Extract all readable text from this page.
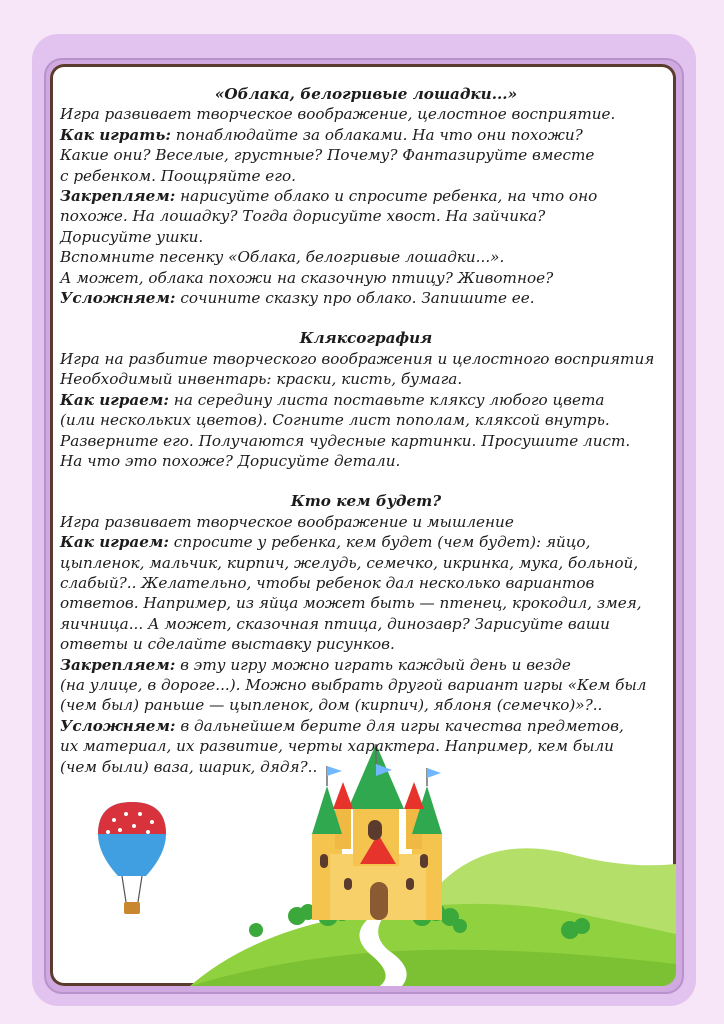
«Облака, белогривые лошадки...»
Игра развивает творческое воображение, целостное восприятие.
Как играть: понаблюдайте за облаками. На что они похожи?
Какие они? Веселые, грустные? Почему? Фантазируйте вместе
с ребенком. Поощряйте его.
Закрепляем: нарисуйте облако и спросите ребенка, на что оно
похоже. На лошадку? Тогда дорисуйте хвост. На зайчика?
Дорисуйте ушки.
Вспомните песенку «Облака, белогривые лошадки...».
А может, облака похожи на сказочную птицу? Животное?
Усложняем: сочините сказку про облако. Запишите ее.
Кляксография
Игра на разбитие творческого воображения и целостного восприятия
Необходимый инвентарь: краски, кисть, бумага.
Как играем: на середину листа поставьте кляксу любого цвета
(или нескольких цветов). Согните лист пополам, кляксой внутрь.
Разверните его. Получаются чудесные картинки. Просушите лист.
На что это похоже? Дорисуйте детали.
Кто кем будет?
Игра развивает творческое воображение и мышление
Как играем: спросите у ребенка, кем будет (чем будет): яйцо,
цыпленок, мальчик, кирпич, желудь, семечко, икринка, мука, больной,
слабый?.. Желательно, чтобы ребенок дал несколько вариантов
ответов. Например, из яйца может быть — птенец, крокодил, змея,
яичница... А может, сказочная птица, динозавр? Зарисуйте ваши
ответы и сделайте выставку рисунков.
Закрепляем: в эту игру можно играть каждый день и везде
(на улице, в дороге...). Можно выбрать другой вариант игры «Кем был
(чем был) раньше — цыпленок, дом (кирпич), яблоня (семечко)»?..
Усложняем: в дальнейшем берите для игры качества предметов,
их материал, их развитие, черты характера. Например, кем были
(чем были) ваза, шарик, дядя?..
